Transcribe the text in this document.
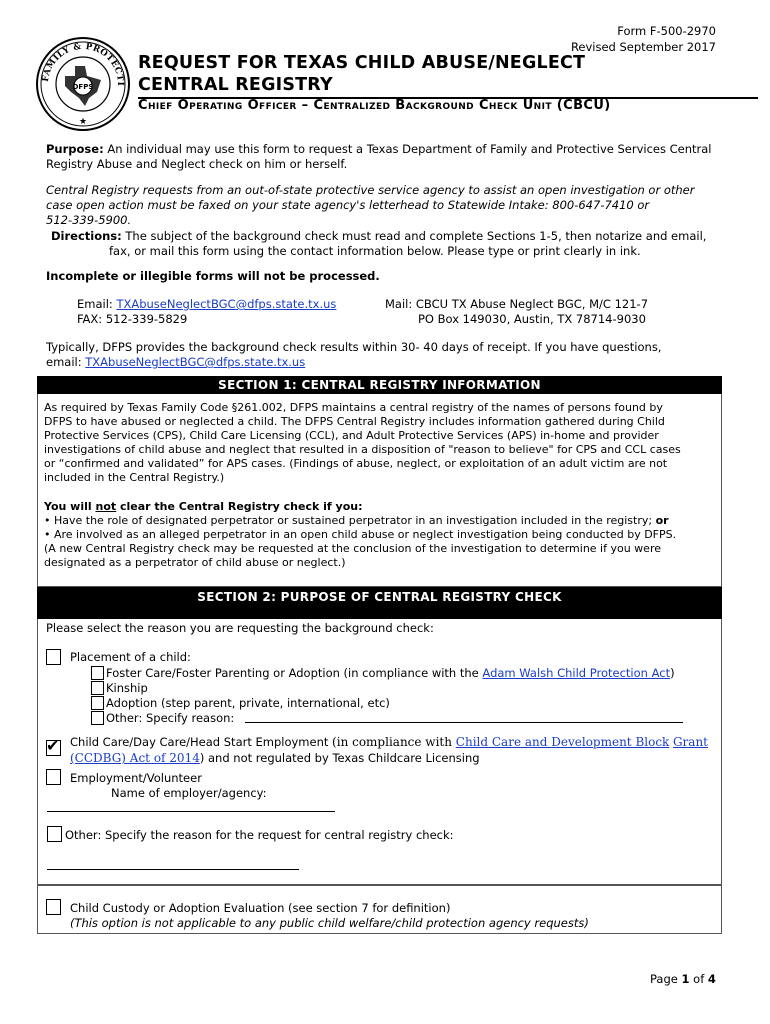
FAMILY & PROTECTI
DFPS
★
Form F-500-2970
Revised September 2017
REQUEST FOR TEXAS CHILD ABUSE/NEGLECT
CENTRAL REGISTRY
Chief Operating Officer – Centralized Background Check Unit (CBCU)
Purpose: An individual may use this form to request a Texas Department of Family and Protective Services Central
Registry Abuse and Neglect check on him or herself.
Central Registry requests from an out-of-state protective service agency to assist an open investigation or other
case open action must be faxed on your state agency's letterhead to Statewide Intake: 800-647-7410 or
512-339-5900.
Directions: The subject of the background check must read and complete Sections 1-5, then notarize and email,
fax, or mail this form using the contact information below. Please type or print clearly in ink.
Incomplete or illegible forms will not be processed.
Email: TXAbuseNeglectBGC@dfps.state.tx.us
FAX: 512-339-5829
Mail: CBCU TX Abuse Neglect BGC, M/C 121-7
PO Box 149030, Austin, TX 78714-9030
Typically, DFPS provides the background check results within 30- 40 days of receipt. If you have questions,
email: TXAbuseNeglectBGC@dfps.state.tx.us
SECTION 1: CENTRAL REGISTRY INFORMATION
As required by Texas Family Code §261.002, DFPS maintains a central registry of the names of persons found by
DFPS to have abused or neglected a child. The DFPS Central Registry includes information gathered during Child
Protective Services (CPS), Child Care Licensing (CCL), and Adult Protective Services (APS) in-home and provider
investigations of child abuse and neglect that resulted in a disposition of "reason to believe" for CPS and CCL cases
or “confirmed and validated” for APS cases. (Findings of abuse, neglect, or exploitation of an adult victim are not
included in the Central Registry.)
You will not clear the Central Registry check if you:
• Have the role of designated perpetrator or sustained perpetrator in an investigation included in the registry; or
• Are involved as an alleged perpetrator in an open child abuse or neglect investigation being conducted by DFPS.
(A new Central Registry check may be requested at the conclusion of the investigation to determine if you were
designated as a perpetrator of child abuse or neglect.)
SECTION 2: PURPOSE OF CENTRAL REGISTRY CHECK
Please select the reason you are requesting the background check:
Placement of a child:
Foster Care/Foster Parenting or Adoption (in compliance with the Adam Walsh Child Protection Act)
Kinship
Adoption (step parent, private, international, etc)
Other: Specify reason:
✔ Child Care/Day Care/Head Start Employment (in compliance with Child Care and Development Block Grant
(CCDBG) Act of 2014) and not regulated by Texas Childcare Licensing
Employment/Volunteer
Name of employer/agency:
Other: Specify the reason for the request for central registry check:
Child Custody or Adoption Evaluation (see section 7 for definition)
(This option is not applicable to any public child welfare/child protection agency requests)
Page 1 of 4
